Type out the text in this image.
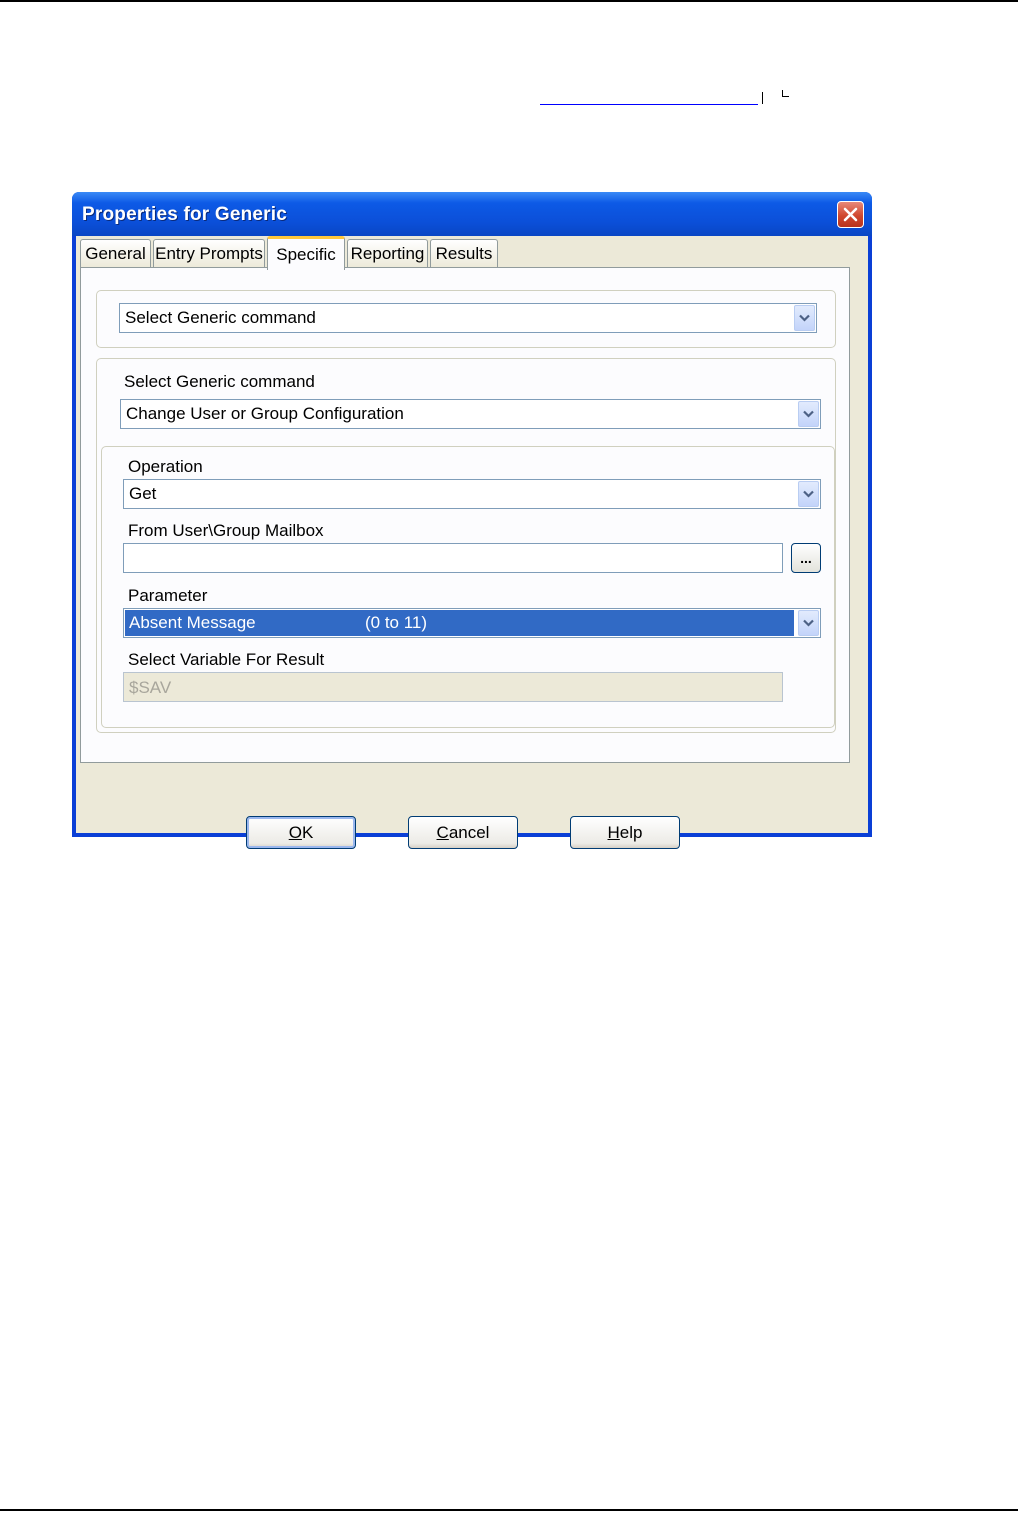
Properties for Generic
General Entry Prompts Specific Reporting Results
Select Generic command
Select Generic command
Change User or Group Configuration
Operation
Get
From User\Group Mailbox
...
Parameter
Absent Message	(0 to 11)
Select Variable For Result
$SAV
O K	C ancel	H elp
